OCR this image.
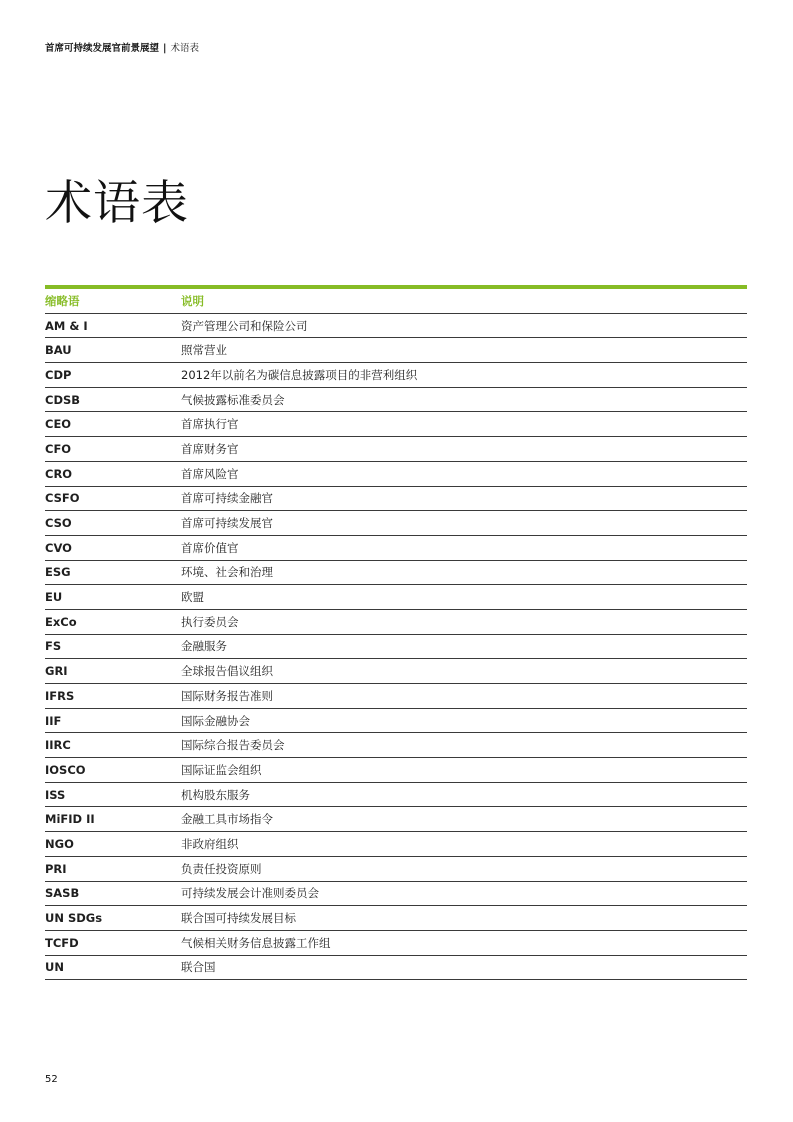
首席可持续发展官前景展望 | 术语表
术语表
缩略语	说明
AM & I	资产管理公司和保险公司
BAU	照常营业
CDP	2012年以前名为碳信息披露项目的非营利组织
CDSB	气候披露标准委员会
CEO	首席执行官
CFO	首席财务官
CRO	首席风险官
CSFO	首席可持续金融官
CSO	首席可持续发展官
CVO	首席价值官
ESG	环境、社会和治理
EU	欧盟
ExCo	执行委员会
FS	金融服务
GRI	全球报告倡议组织
IFRS	国际财务报告准则
IIF	国际金融协会
IIRC	国际综合报告委员会
IOSCO	国际证监会组织
ISS	机构股东服务
MiFID II	金融工具市场指令
NGO	非政府组织
PRI	负责任投资原则
SASB	可持续发展会计准则委员会
UN SDGs	联合国可持续发展目标
TCFD	气候相关财务信息披露工作组
UN	联合国
52
